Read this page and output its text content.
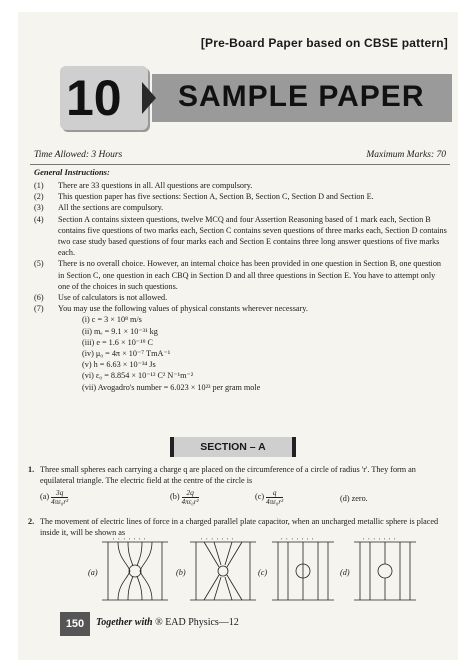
[Pre-Board Paper based on CBSE pattern]
10 SAMPLE PAPER
Time Allowed: 3 Hours	Maximum Marks: 70
General Instructions:
(1) There are 33 questions in all. All questions are compulsory.
(2) This question paper has five sections: Section A, Section B, Section C, Section D and Section E.
(3) All the sections are compulsory.
(4) Section A contains sixteen questions, twelve MCQ and four Assertion Reasoning based of 1 mark each, Section B contains five questions of two marks each, Section C contains seven questions of three marks each, Section D contains two case study based questions of four marks each and Section E contains three long answer questions of five marks each.
(5) There is no overall choice. However, an internal choice has been provided in one question in Section B, one question in Section C, one question in each CBQ in Section D and all three questions in Section E. You have to attempt only one of the choices in such questions.
(6) Use of calculators is not allowed.
(7) You may use the following values of physical constants wherever necessary.
(i) c = 3 × 10⁸ m/s
(ii) mₑ = 9.1 × 10⁻³¹ kg
(iii) e = 1.6 × 10⁻¹⁹ C
(iv) μ₀ = 4π × 10⁻⁷ TmA⁻¹
(v) h = 6.63 × 10⁻³⁴ Js
(vi) ε₀ = 8.854 × 10⁻¹² C² N⁻¹m⁻²
(vii) Avogadro's number = 6.023 × 10²³ per gram mole
SECTION – A
1. Three small spheres each carrying a charge q are placed on the circumference of a circle of radius 'r'. They form an equilateral triangle. The electric field at the centre of the circle is
$(a) \frac{3q}{\text{4πε₀r²}}$	$(b) \frac{2q}{\text{4πε₀r²}}$	$(c) \frac{q}{\text{4πε₀r²}}$	(d) zero.
2. The movement of electric lines of force in a charged parallel plate capacitor, when an uncharged metallic sphere is placed inside it, will be shown as
+ + + + + + +
(a)
+ + + + + + +
(b)
+ + + + + + +
(c)
+ + + + + + +
(d)
150	Together with ® EAD Physics—12
